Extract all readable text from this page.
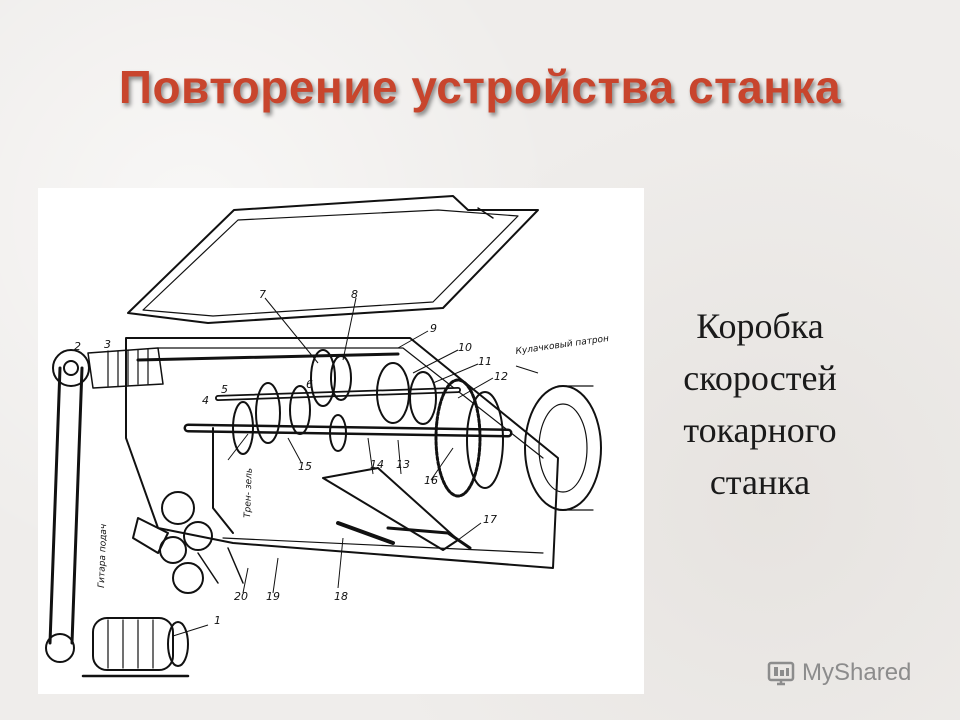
Повторение устройства станка
1
2 3
4
5	6
7	8
9
10
11
12
13
14
15
16
17
18
19
20
Кулачковый патрон
Гитара подач
Трен- зель
Коробка
скоростей
токарного
станка
MyShared
